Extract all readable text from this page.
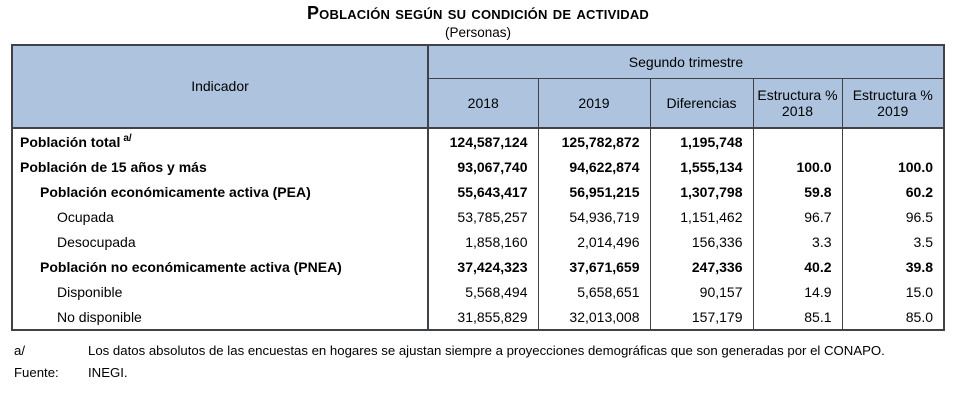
Población según su condición de actividad
(Personas)
Indicador	Segundo trimestre				
	2018	2019	Diferencias	Estructura % 2018	Estructura % 2019
Población total $^{a/}$	124,587,124	125,782,872	1,195,748		
Población de 15 años y más	93,067,740	94,622,874	1,555,134	100.0	100.0
Población económicamente activa (PEA)	55,643,417	56,951,215	1,307,798	59.8	60.2
Ocupada	53,785,257	54,936,719	1,151,462	96.7	96.5
Desocupada	1,858,160	2,014,496	156,336	3.3	3.5
Población no económicamente activa (PNEA)	37,424,323	37,671,659	247,336	40.2	39.8
Disponible	5,568,494	5,658,651	90,157	14.9	15.0
No disponible	31,855,829	32,013,008	157,179	85.1	85.0
a/	Los datos absolutos de las encuestas en hogares se ajustan siempre a proyecciones demográficas que son generadas por el CONAPO.
Fuente:	INEGI.
